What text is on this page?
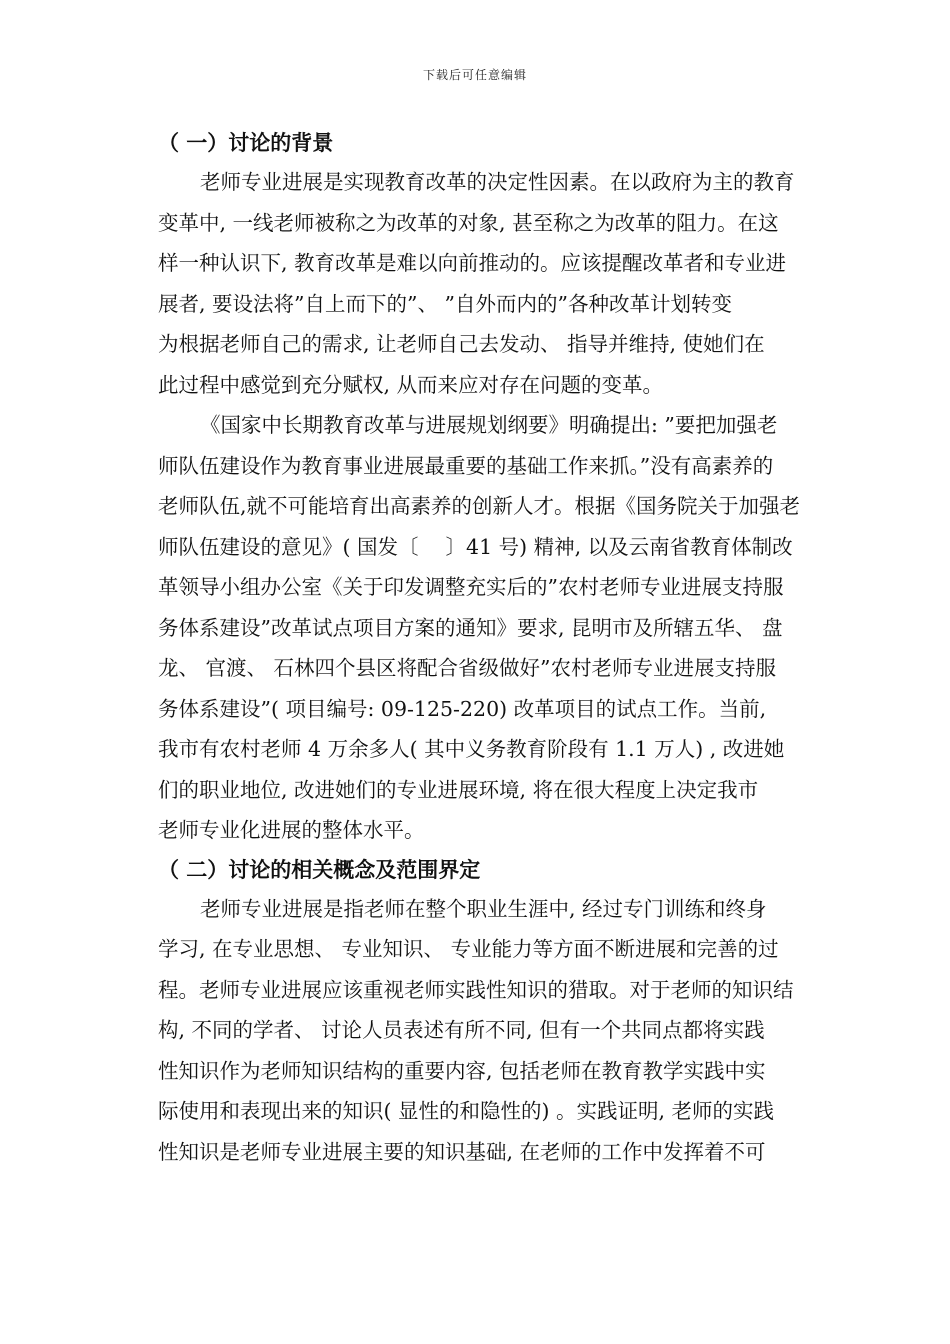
下载后可任意编辑
（ 一）讨论的背景
老师专业进展是实现教育改革的决定性因素。在以政府为主的教育
变革中, 一线老师被称之为改革的对象, 甚至称之为改革的阻力。在这
样一种认识下, 教育改革是难以向前推动的。应该提醒改革者和专业进
展者, 要设法将”自上而下的”、 ”自外而内的”各种改革计划转变
为根据老师自己的需求, 让老师自己去发动、 指导并维持, 使她们在
此过程中感觉到充分赋权, 从而来应对存在问题的变革。
《国家中长期教育改革与进展规划纲要》明确提出: ”要把加强老
师队伍建设作为教育事业进展最重要的基础工作来抓。”没有高素养的
老师队伍,就不可能培育出高素养的创新人才。根据《国务院关于加强老
师队伍建设的意见》( 国发〔　 〕41 号) 精神, 以及云南省教育体制改
革领导小组办公室《关于印发调整充实后的”农村老师专业进展支持服
务体系建设”改革试点项目方案的通知》要求, 昆明市及所辖五华、 盘
龙、 官渡、 石林四个县区将配合省级做好”农村老师专业进展支持服
务体系建设”( 项目编号: 09-125-220) 改革项目的试点工作。当前,
我市有农村老师 4 万余多人( 其中义务教育阶段有 1.1 万人) , 改进她
们的职业地位, 改进她们的专业进展环境, 将在很大程度上决定我市
老师专业化进展的整体水平。
（ 二）讨论的相关概念及范围界定
老师专业进展是指老师在整个职业生涯中, 经过专门训练和终身
学习, 在专业思想、 专业知识、 专业能力等方面不断进展和完善的过
程。老师专业进展应该重视老师实践性知识的猎取。对于老师的知识结
构, 不同的学者、 讨论人员表述有所不同, 但有一个共同点都将实践
性知识作为老师知识结构的重要内容, 包括老师在教育教学实践中实
际使用和表现出来的知识( 显性的和隐性的) 。实践证明, 老师的实践
性知识是老师专业进展主要的知识基础, 在老师的工作中发挥着不可
